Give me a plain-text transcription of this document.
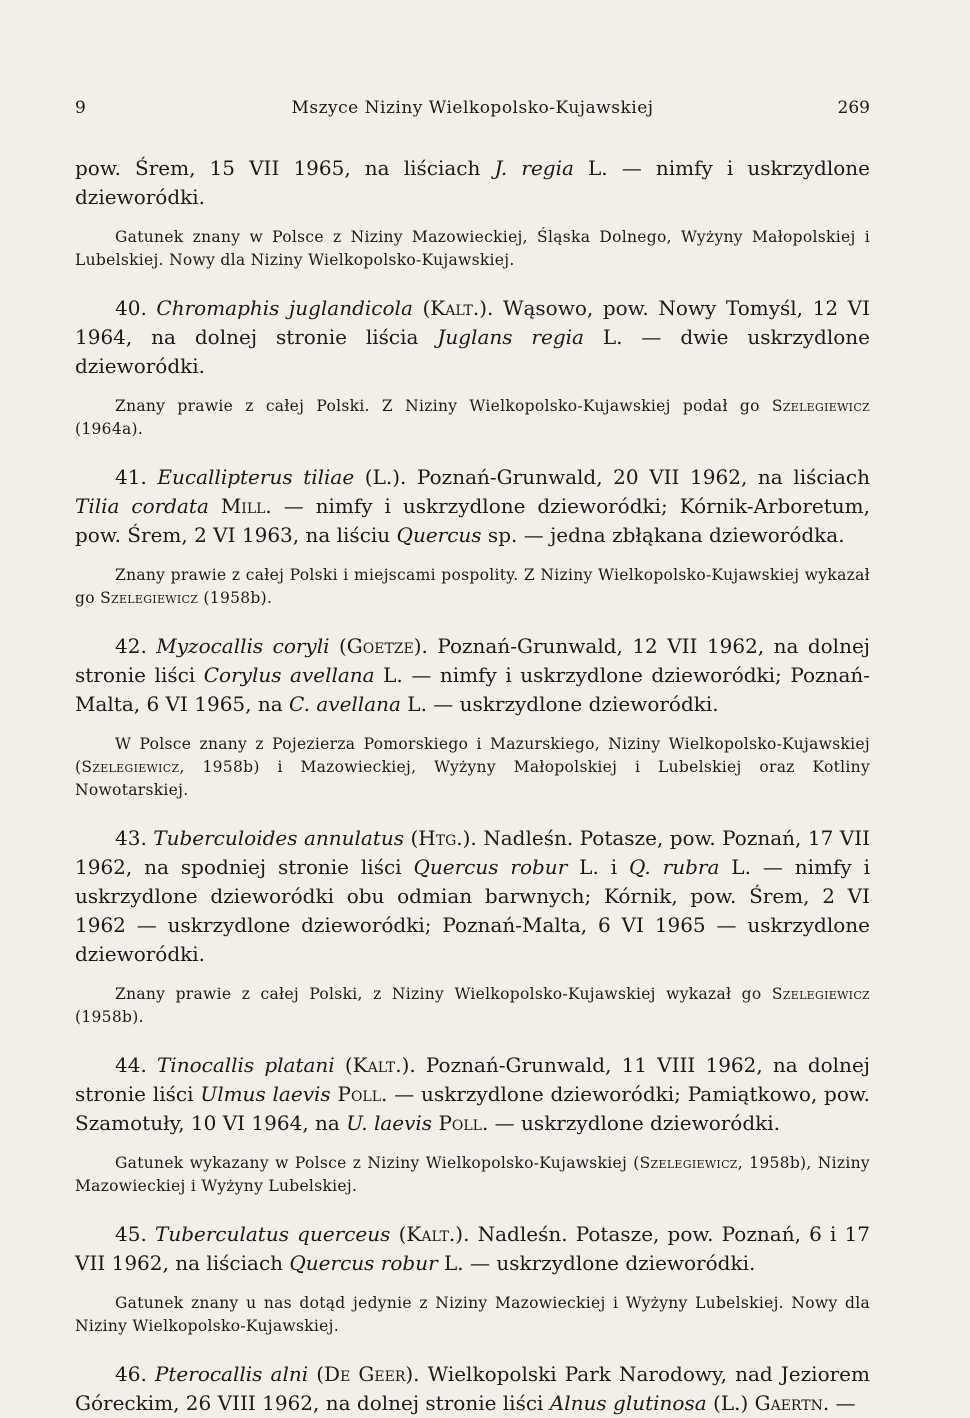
9	Mszyce Niziny Wielkopolsko-Kujawskiej	269

pow. Śrem, 15 VII 1965, na liściach J. regia L. — nimfy i uskrzydlone dzieworódki.

Gatunek znany w Polsce z Niziny Mazowieckiej, Śląska Dolnego, Wyżyny Małopolskiej i Lubelskiej. Nowy dla Niziny Wielkopolsko-Kujawskiej.

40. Chromaphis juglandicola (Kalt.). Wąsowo, pow. Nowy Tomyśl, 12 VI 1964, na dolnej stronie liścia Juglans regia L. — dwie uskrzydlone dzieworódki.

Znany prawie z całej Polski. Z Niziny Wielkopolsko-Kujawskiej podał go Szelegiewicz (1964a).

41. Eucallipterus tiliae (L.). Poznań-Grunwald, 20 VII 1962, na liściach Tilia cordata Mill. — nimfy i uskrzydlone dzieworódki; Kórnik-Arboretum, pow. Śrem, 2 VI 1963, na liściu Quercus sp. — jedna zbłąkana dzieworódka.

Znany prawie z całej Polski i miejscami pospolity. Z Niziny Wielkopolsko-Kujawskiej wykazał go Szelegiewicz (1958b).

42. Myzocallis coryli (Goetze). Poznań-Grunwald, 12 VII 1962, na dolnej stronie liści Corylus avellana L. — nimfy i uskrzydlone dzieworódki; Poznań-Malta, 6 VI 1965, na C. avellana L. — uskrzydlone dzieworódki.

W Polsce znany z Pojezierza Pomorskiego i Mazurskiego, Niziny Wielkopolsko-Kujawskiej (Szelegiewicz, 1958b) i Mazowieckiej, Wyżyny Małopolskiej i Lubelskiej oraz Kotliny Nowotarskiej.

43. Tuberculoides annulatus (Htg.). Nadleśn. Potasze, pow. Poznań, 17 VII 1962, na spodniej stronie liści Quercus robur L. i Q. rubra L. — nimfy i uskrzydlone dzieworódki obu odmian barwnych; Kórnik, pow. Śrem, 2 VI 1962 — uskrzydlone dzieworódki; Poznań-Malta, 6 VI 1965 — uskrzydlone dzieworódki.

Znany prawie z całej Polski, z Niziny Wielkopolsko-Kujawskiej wykazał go Szelegiewicz (1958b).

44. Tinocallis platani (Kalt.). Poznań-Grunwald, 11 VIII 1962, na dolnej stronie liści Ulmus laevis Poll. — uskrzydlone dzieworódki; Pamiątkowo, pow. Szamotuły, 10 VI 1964, na U. laevis Poll. — uskrzydlone dzieworódki.

Gatunek wykazany w Polsce z Niziny Wielkopolsko-Kujawskiej (Szelegiewicz, 1958b), Niziny Mazowieckiej i Wyżyny Lubelskiej.

45. Tuberculatus querceus (Kalt.). Nadleśn. Potasze, pow. Poznań, 6 i 17 VII 1962, na liściach Quercus robur L. — uskrzydlone dzieworódki.

Gatunek znany u nas dotąd jedynie z Niziny Mazowieckiej i Wyżyny Lubelskiej. Nowy dla Niziny Wielkopolsko-Kujawskiej.

46. Pterocallis alni (De Geer). Wielkopolski Park Narodowy, nad Jeziorem Góreckim, 26 VIII 1962, na dolnej stronie liści Alnus glutinosa (L.) Gaertn. —
